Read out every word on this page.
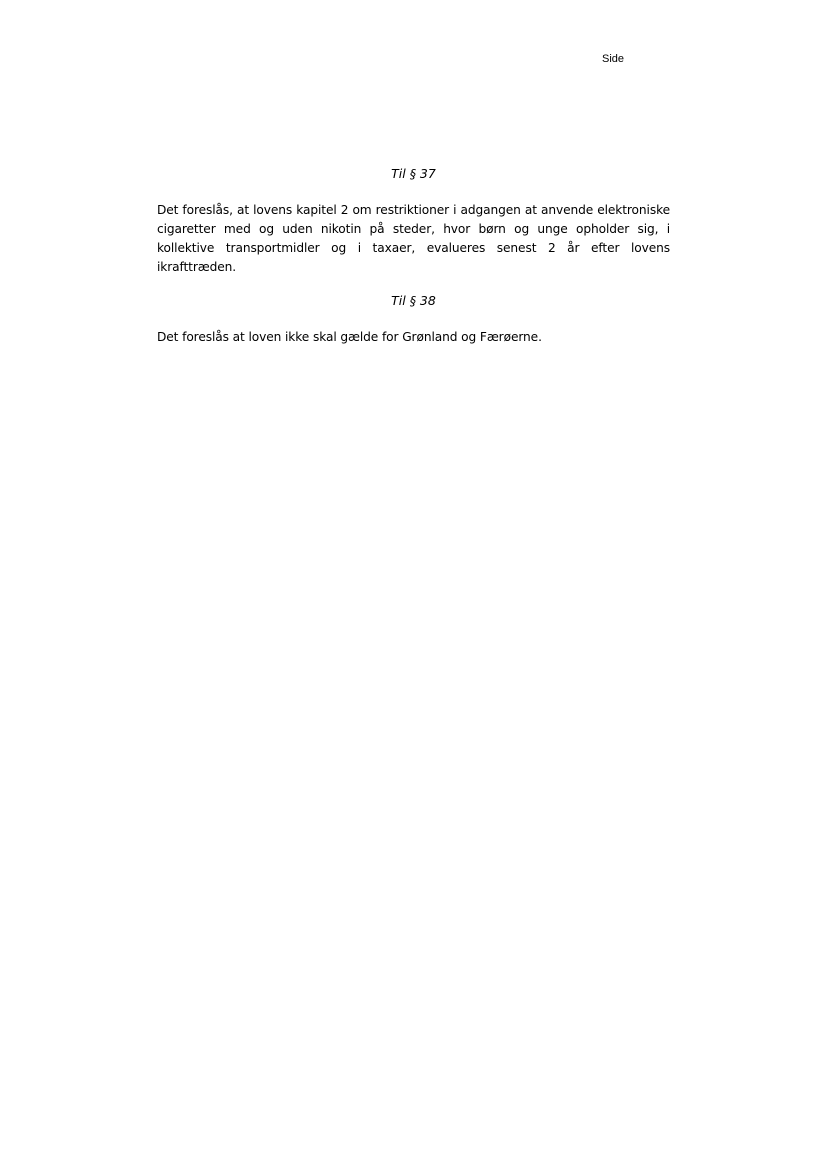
Side
Til § 37

Det foreslås, at lovens kapitel 2 om restriktioner i adgangen at anvende elektroniske cigaretter med og uden nikotin på steder, hvor børn og unge opholder sig, i kollektive transportmidler og i taxaer, evalueres senest 2 år efter lovens ikrafttræden.

Til § 38

Det foreslås at loven ikke skal gælde for Grønland og Færøerne.
